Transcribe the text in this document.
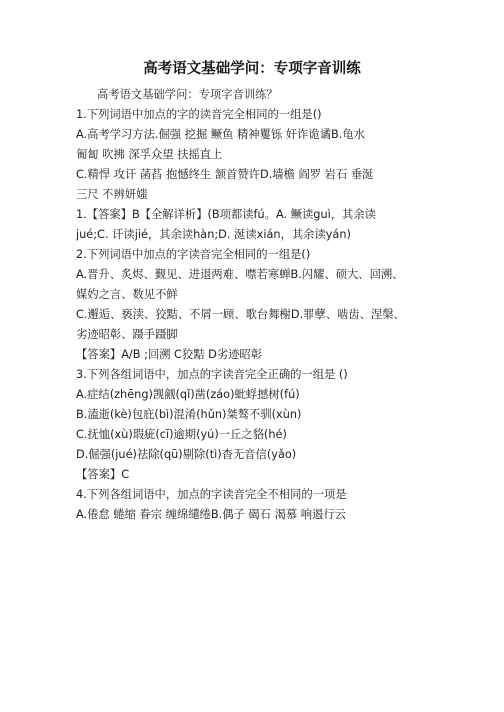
高考语文基础学问：专项字音训练
高考语文基础学问：专项字音训练？
1.下列词语中加点的字的读音完全相同的一组是()
A.高考学习方法.倔强 挖掘 鳜鱼 精神矍铄 奸诈诡谲B.龟水
匍匐 吹拂 深孚众望 扶摇直上
C.精悍 攻讦 菡萏 抱憾终生 颔首赞许D.墙檐 阎罗 岩石 垂涎
三尺 不辨妍媸
1.【答案】B【全解详析】(B项都读fú。A. 鳜读guì，其余读
jué;C. 讦读jié，其余读hàn;D. 涎读xián，其余读yán)
2.下列词语中加点的字读音完全相同的一组是()
A.晋升、炙烬、觐见、进退两难、噤若寒蝉B.闪耀、硕大、回溯、
媒妁之言、数见不鲜
C.邂逅、亵渎、狡黠、不屑一顾、歌台舞榭D.罪孽、啮齿、涅槃、
劣迹昭彰、蹑手蹑脚
【答案】A/B ;回溯 C狡黠 D劣迹昭彰
3.下列各组词语中，加点的字读音完全正确的一组是 ()
A.症结(zhēng)觊觎(qǐ)凿(záo)蚍蜉撼树(fú)
B.溘逝(kè)包庇(bì)混淆(hǔn)桀骜不驯(xùn)
C.抚恤(xù)瑕疵(cī)逾期(yú)一丘之貉(hé)
D.倔强(jué)祛除(qū)剔除(tì)杳无音信(yǎo)
【答案】C
4.下列各组词语中，加点的字读音完全不相同的一项是
A.倦怠 蜷缩 眷宗 缠绵缱绻B.偶子 碣石 渴慕 响遏行云
